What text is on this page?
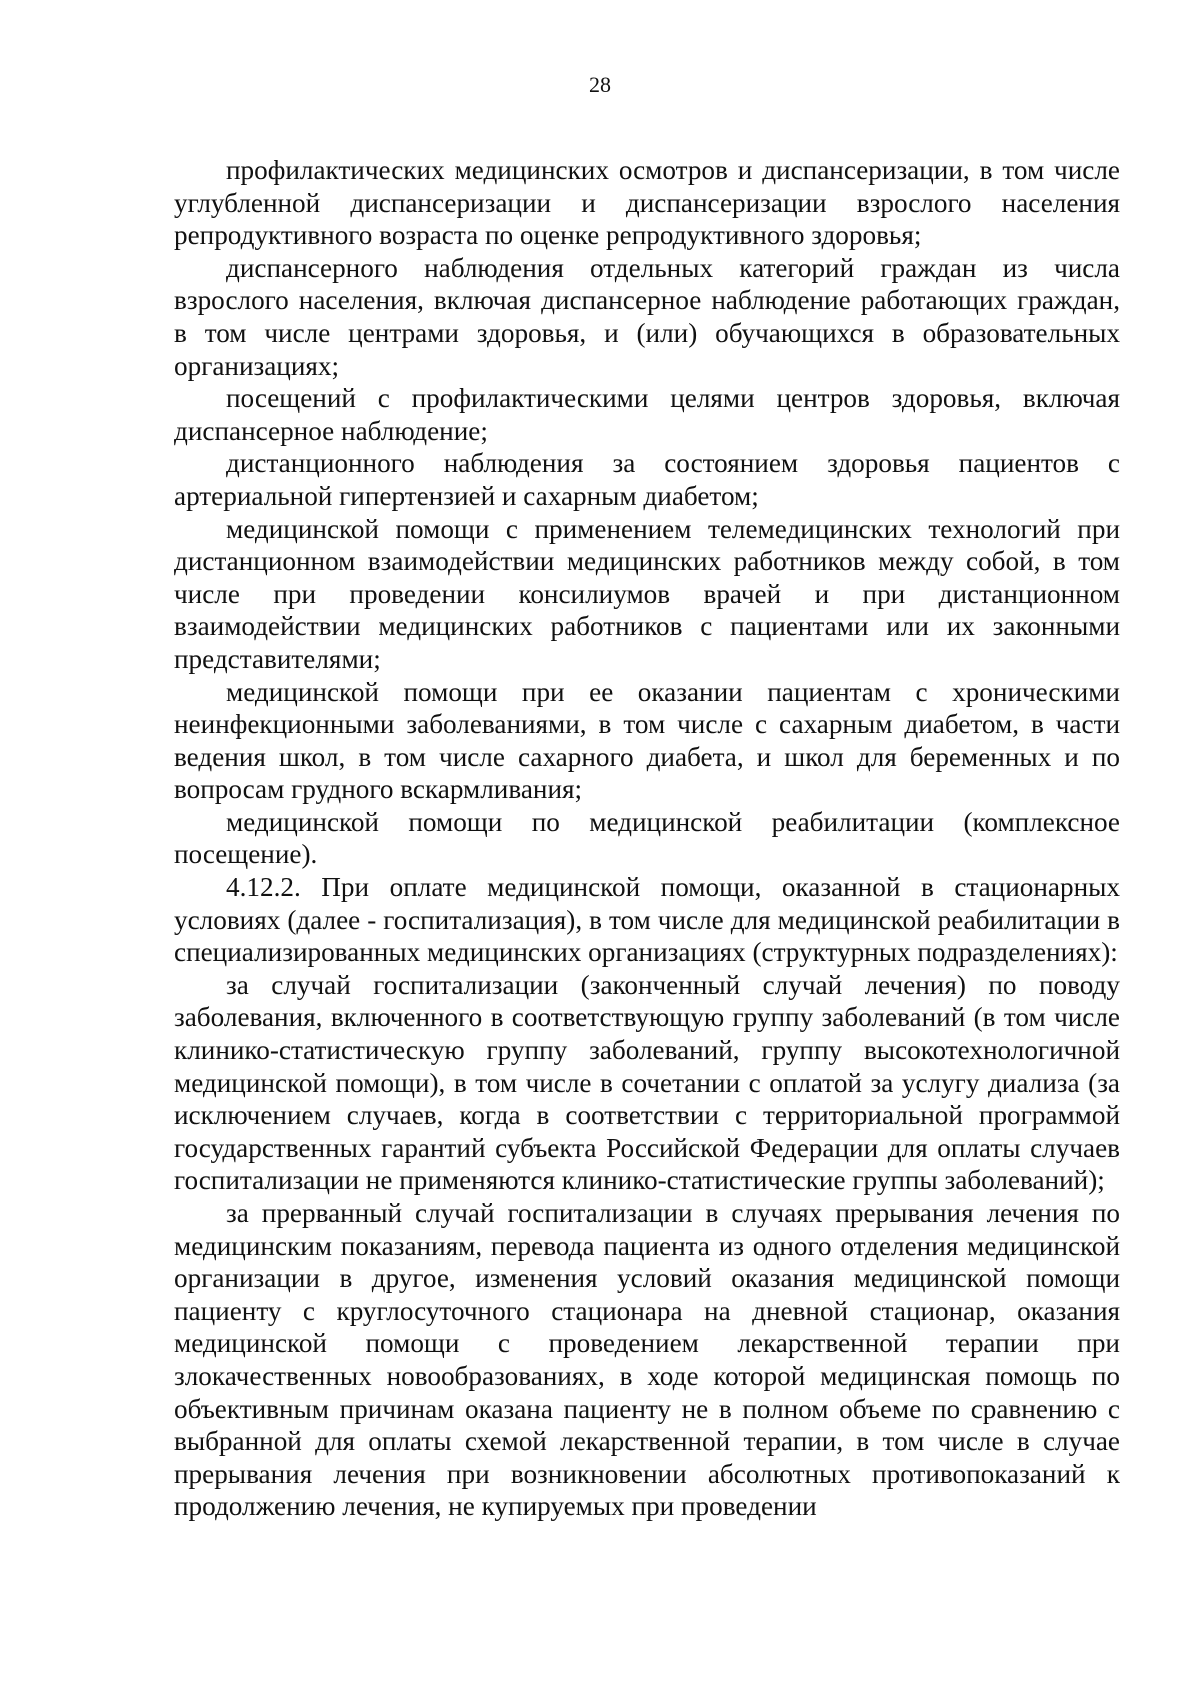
28

профилактических медицинских осмотров и диспансеризации, в том числе углубленной диспансеризации и диспансеризации взрослого населения репродуктивного возраста по оценке репродуктивного здоровья;

диспансерного наблюдения отдельных категорий граждан из числа взрослого населения, включая диспансерное наблюдение работающих граждан, в том числе центрами здоровья, и (или) обучающихся в образовательных организациях;

посещений с профилактическими целями центров здоровья, включая диспансерное наблюдение;

дистанционного наблюдения за состоянием здоровья пациентов с артериальной гипертензией и сахарным диабетом;

медицинской помощи с применением телемедицинских технологий при дистанционном взаимодействии медицинских работников между собой, в том числе при проведении консилиумов врачей и при дистанционном взаимодействии медицинских работников с пациентами или их законными представителями;

медицинской помощи при ее оказании пациентам с хроническими неинфекционными заболеваниями, в том числе с сахарным диабетом, в части ведения школ, в том числе сахарного диабета, и школ для беременных и по вопросам грудного вскармливания;

медицинской помощи по медицинской реабилитации (комплексное посещение).

4.12.2. При оплате медицинской помощи, оказанной в стационарных условиях (далее - госпитализация), в том числе для медицинской реабилитации в специализированных медицинских организациях (структурных подразделениях):

за случай госпитализации (законченный случай лечения) по поводу заболевания, включенного в соответствующую группу заболеваний (в том числе клинико-статистическую группу заболеваний, группу высокотехнологичной медицинской помощи), в том числе в сочетании с оплатой за услугу диализа (за исключением случаев, когда в соответствии с территориальной программой государственных гарантий субъекта Российской Федерации для оплаты случаев госпитализации не применяются клинико-статистические группы заболеваний);

за прерванный случай госпитализации в случаях прерывания лечения по медицинским показаниям, перевода пациента из одного отделения медицинской организации в другое, изменения условий оказания медицинской помощи пациенту с круглосуточного стационара на дневной стационар, оказания медицинской помощи с проведением лекарственной терапии при злокачественных новообразованиях, в ходе которой медицинская помощь по объективным причинам оказана пациенту не в полном объеме по сравнению с выбранной для оплаты схемой лекарственной терапии, в том числе в случае прерывания лечения при возникновении абсолютных противопоказаний к продолжению лечения, не купируемых при проведении
